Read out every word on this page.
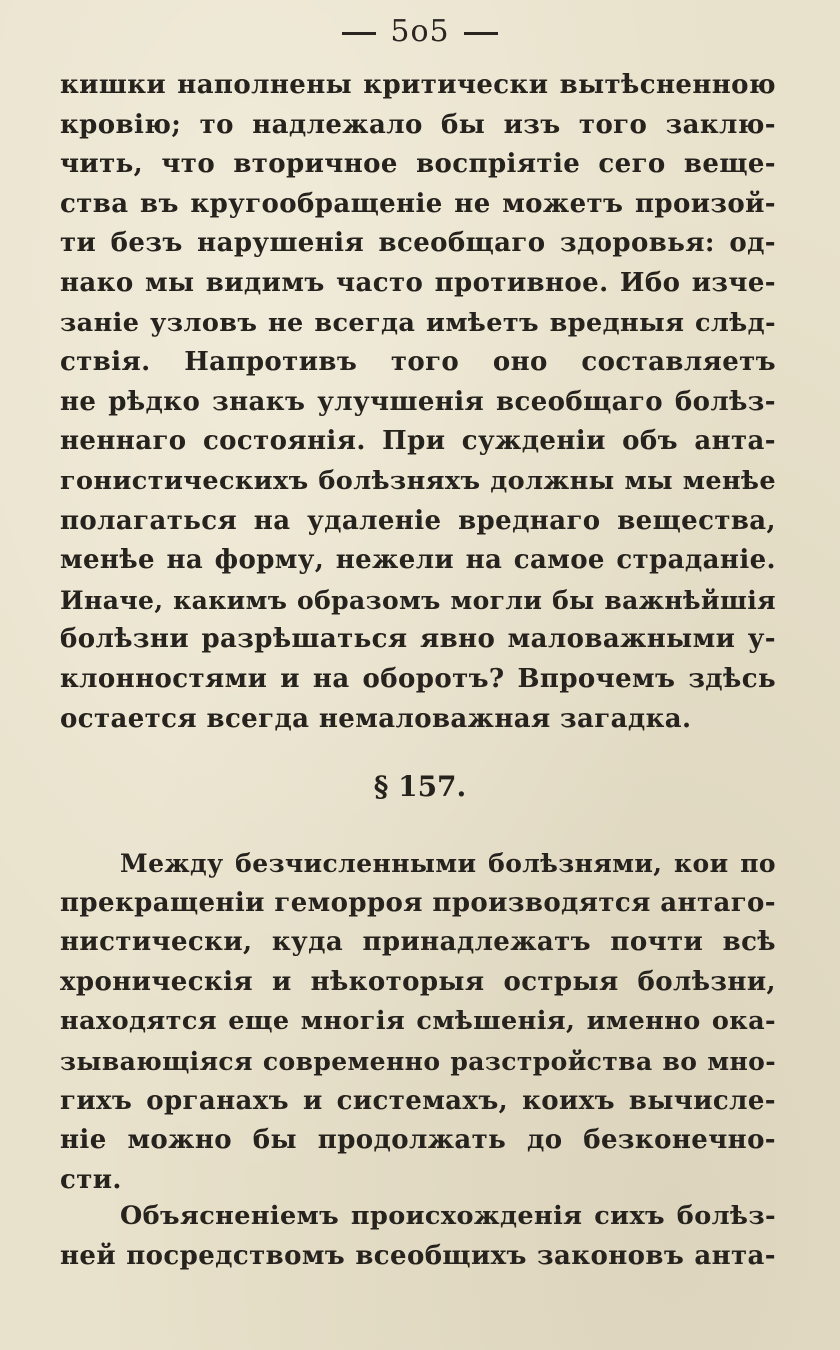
5o5
кишки наполнены критически вытѣсненною
кровію; то надлежало бы изъ того заклю-
чить, что вторичное воспріятіе сего веще-
ства въ кругообращеніе не можетъ произой-
ти безъ нарушенія всеобщаго здоровья: од-
нако мы видимъ часто противное. Ибо изче-
заніе узловъ не всегда имѣетъ вредныя слѣд-
ствія. Напротивъ того оно составляетъ
не рѣдко знакъ улучшенія всеобщаго болѣз-
неннаго состоянія. При сужденіи объ анта-
гонистическихъ болѣзняхъ должны мы менѣе
полагаться на удаленіе вреднаго вещества,
менѣе на форму, нежели на самое страданіе.
Иначе, какимъ образомъ могли бы важнѣйшія
болѣзни разрѣшаться явно маловажными у-
клонностями и на оборотъ? Впрочемъ здѣсь
остается всегда немаловажная загадка.
§ 157.
Между безчисленными болѣзнями, кои по
прекращеніи геморроя производятся антаго-
нистически, куда принадлежатъ почти всѣ
хроническія и нѣкоторыя острыя болѣзни,
находятся еще многія смѣшенія, именно ока-
зывающіяся современно разстройства во мно-
гихъ органахъ и системахъ, коихъ вычисле-
ніе можно бы продолжать до безконечно-
сти.
Объясненіемъ происхожденія сихъ болѣз-
ней посредствомъ всеобщихъ законовъ анта-
